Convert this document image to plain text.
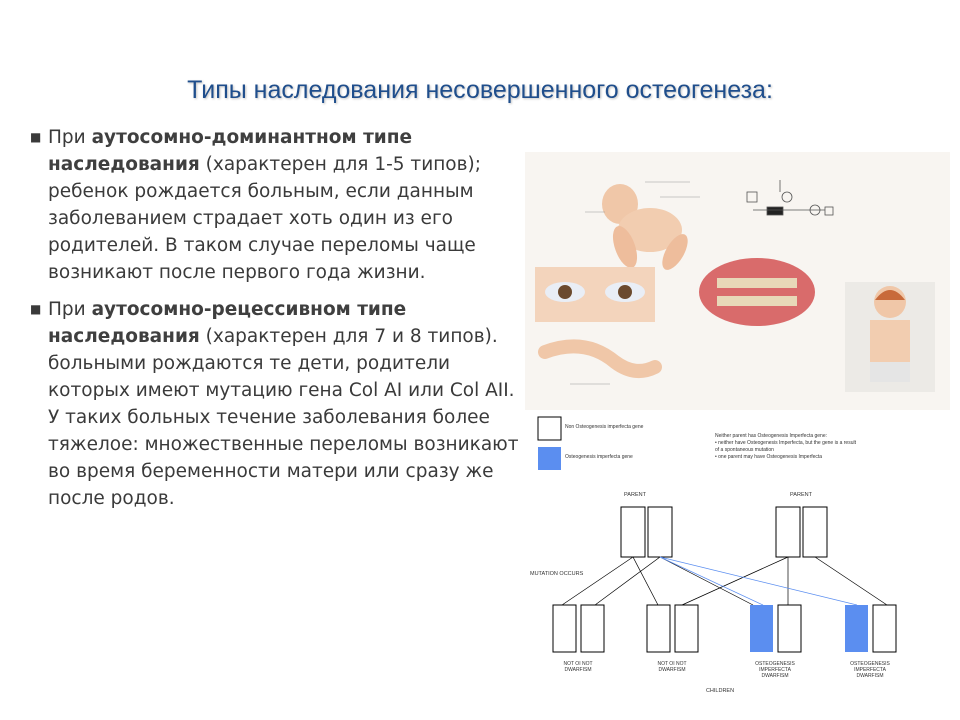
Типы наследования несовершенного остеогенеза:
■ При аутосомно-доминантном типе наследования (характерен для 1-5 типов); ребенок рождается больным, если данным заболеванием страдает хоть один из его родителей. В таком случае переломы чаще возникают после первого года жизни.
■ При аутосомно-рецессивном типе наследования (характерен для 7 и 8 типов). больными рождаются те дети, родители которых имеют мутацию гена Col AI или Col AII. У таких больных течение заболевания более тяжелое: множественные переломы возникают во время беременности матери или сразу же после родов.
Non Osteogenesis imperfecta gene
Osteogenesis imperfecta gene
Neither parent has Osteogenesis Imperfecta gene:
• neither have Osteogenesis Imperfecta, but the gene is a result
of a spontaneous mutation
• one parent may have Osteogenesis Imperfecta
PARENT	PARENT
MUTATION OCCURS
NOT OI NOT
DWARFISM
NOT OI NOT
DWARFISM
OSTEOGENESIS
IMPERFECTA
DWARFISM
OSTEOGENESIS
IMPERFECTA
DWARFISM
CHILDREN
